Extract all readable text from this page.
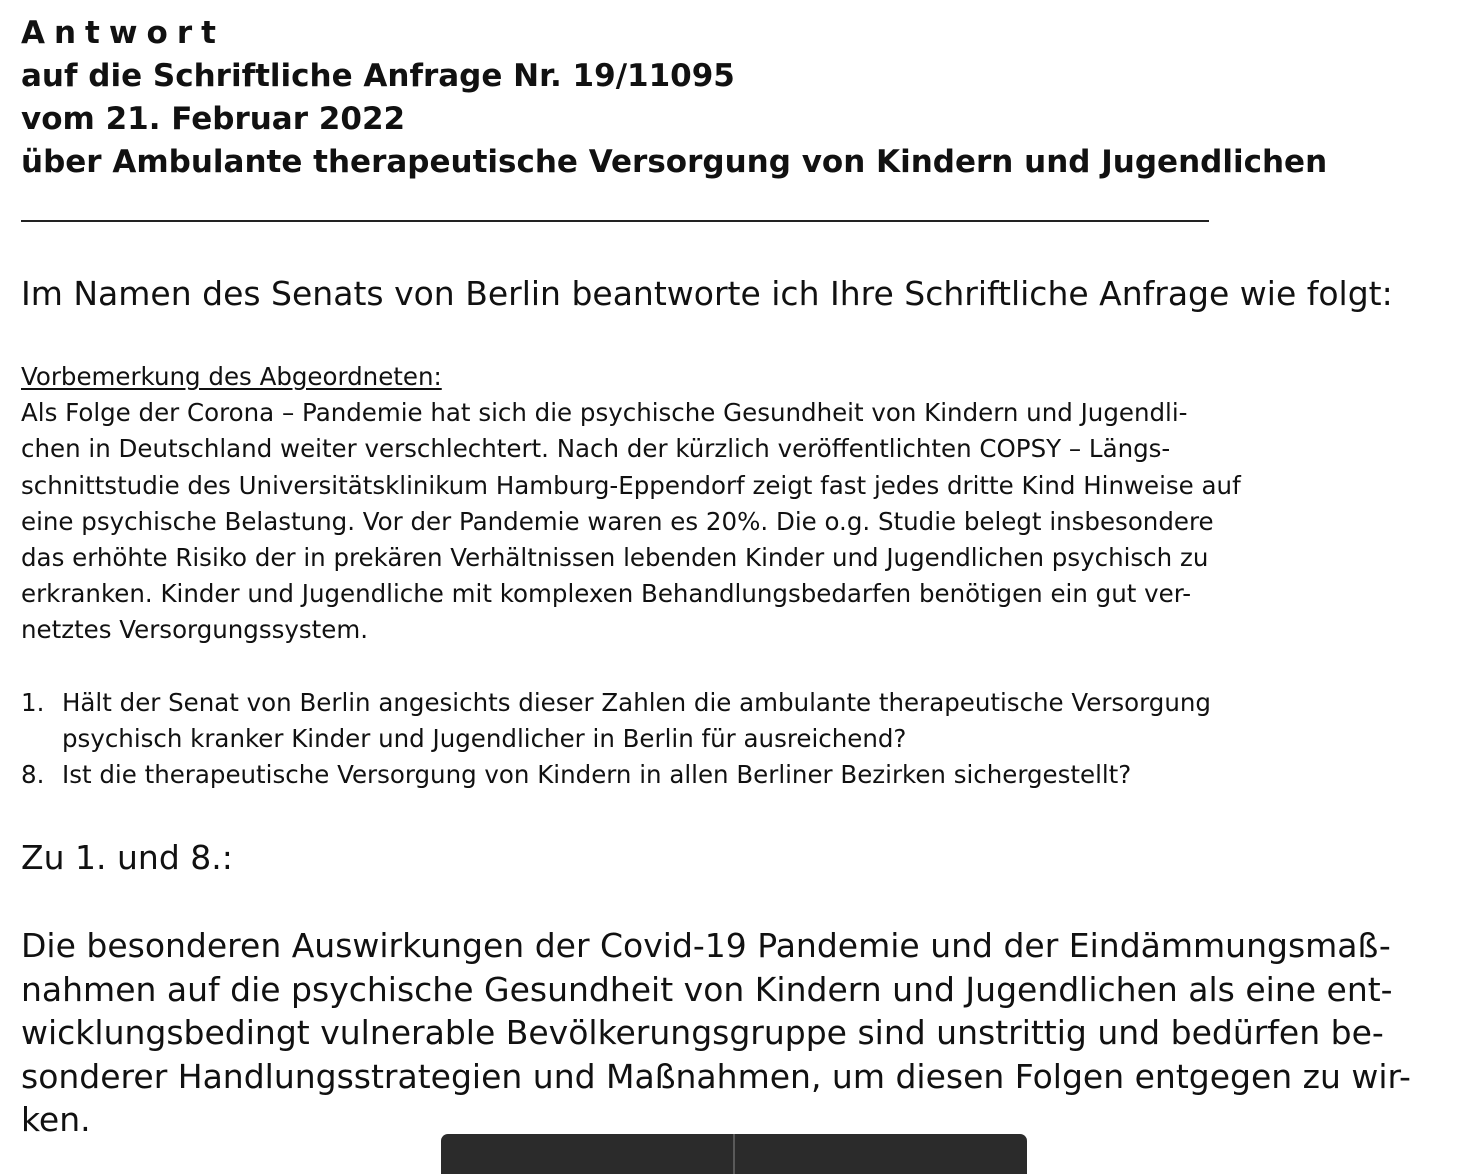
Antwort
auf die Schriftliche Anfrage Nr. 19/11095
vom 21. Februar 2022
über Ambulante therapeutische Versorgung von Kindern und Jugendlichen
Im Namen des Senats von Berlin beantworte ich Ihre Schriftliche Anfrage wie folgt:
Vorbemerkung des Abgeordneten:
Als Folge der Corona – Pandemie hat sich die psychische Gesundheit von Kindern und Jugendli-
chen in Deutschland weiter verschlechtert. Nach der kürzlich veröffentlichten COPSY – Längs-
schnittstudie des Universitätsklinikum Hamburg-Eppendorf zeigt fast jedes dritte Kind Hinweise auf
eine psychische Belastung. Vor der Pandemie waren es 20%. Die o.g. Studie belegt insbesondere
das erhöhte Risiko der in prekären Verhältnissen lebenden Kinder und Jugendlichen psychisch zu
erkranken. Kinder und Jugendliche mit komplexen Behandlungsbedarfen benötigen ein gut ver-
netztes Versorgungssystem.
1. Hält der Senat von Berlin angesichts dieser Zahlen die ambulante therapeutische Versorgung
psychisch kranker Kinder und Jugendlicher in Berlin für ausreichend?
8. Ist die therapeutische Versorgung von Kindern in allen Berliner Bezirken sichergestellt?
Zu 1. und 8.:
Die besonderen Auswirkungen der Covid-19 Pandemie und der Eindämmungsmaß-
nahmen auf die psychische Gesundheit von Kindern und Jugendlichen als eine ent-
wicklungsbedingt vulnerable Bevölkerungsgruppe sind unstrittig und bedürfen be-
sonderer Handlungsstrategien und Maßnahmen, um diesen Folgen entgegen zu wir-
ken.
